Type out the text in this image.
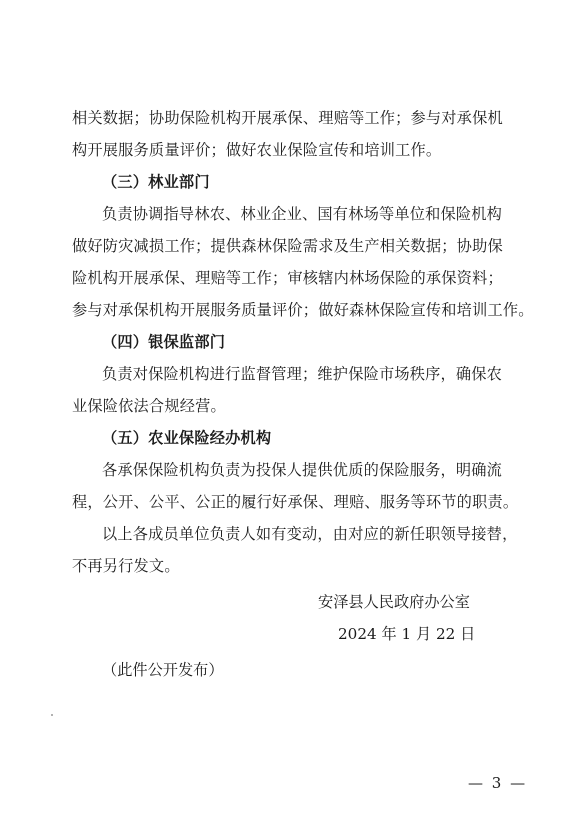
相关数据；协助保险机构开展承保、理赔等工作；参与对承保机
构开展服务质量评价；做好农业保险宣传和培训工作。
（三）林业部门
负责协调指导林农、林业企业、国有林场等单位和保险机构
做好防灾减损工作；提供森林保险需求及生产相关数据；协助保
险机构开展承保、理赔等工作；审核辖内林场保险的承保资料；
参与对承保机构开展服务质量评价；做好森林保险宣传和培训工作。
（四）银保监部门
负责对保险机构进行监督管理；维护保险市场秩序，确保农
业保险依法合规经营。
（五）农业保险经办机构
各承保保险机构负责为投保人提供优质的保险服务，明确流
程，公开、公平、公正的履行好承保、理赔、服务等环节的职责。
以上各成员单位负责人如有变动，由对应的新任职领导接替，
不再另行发文。
安泽县人民政府办公室
2024 年 1 月 22 日
（此件公开发布）
— 3 —
